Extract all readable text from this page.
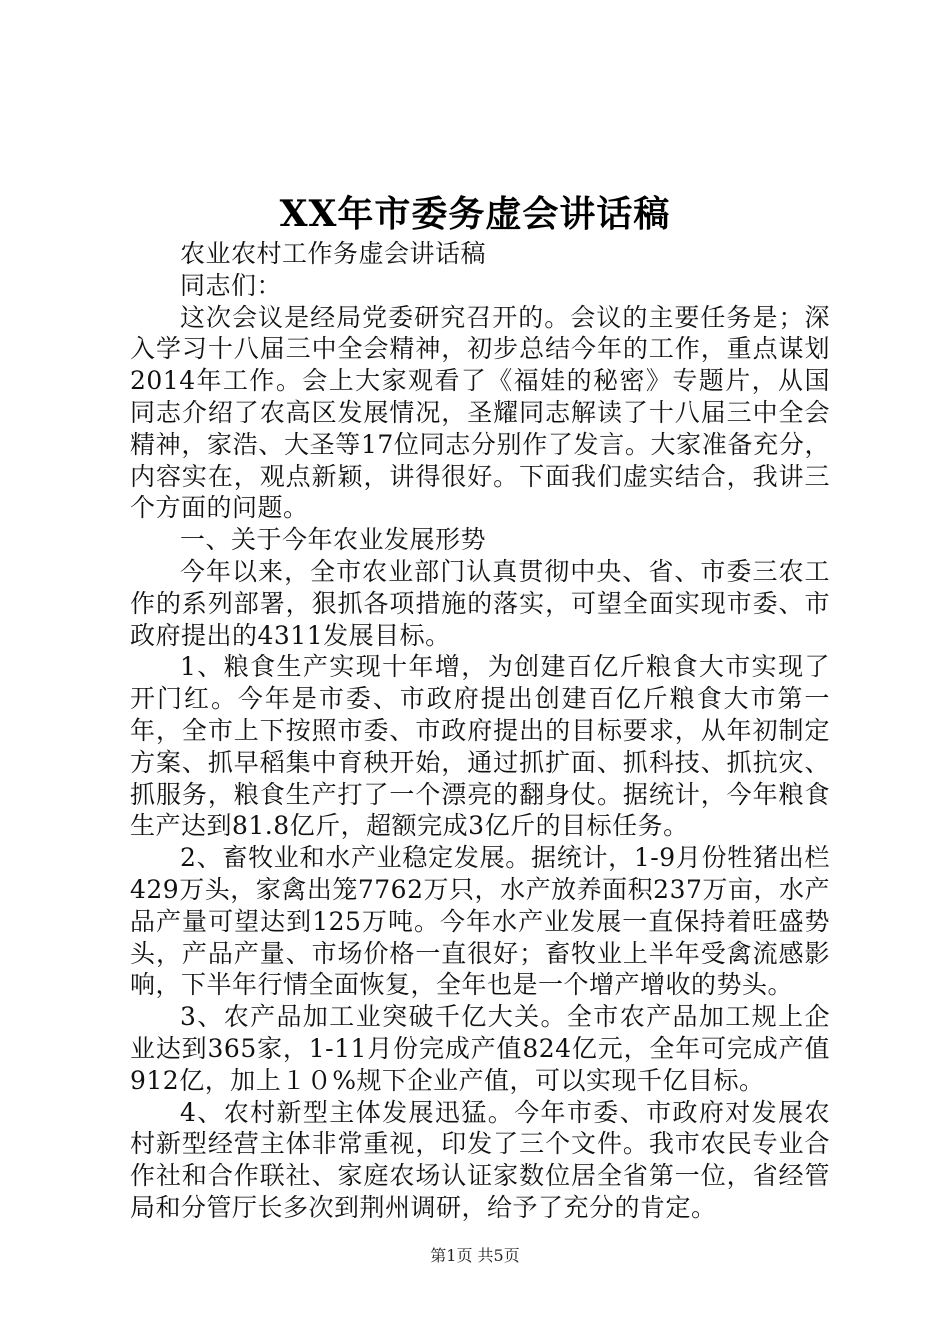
XX年市委务虚会讲话稿

农业农村工作务虚会讲话稿

同志们：

这次会议是经局党委研究召开的。会议的主要任务是；深入学习十八届三中全会精神，初步总结今年的工作，重点谋划2014年工作。会上大家观看了《福娃的秘密》专题片，从国同志介绍了农高区发展情况，圣耀同志解读了十八届三中全会精神，家浩、大圣等17位同志分别作了发言。大家准备充分，内容实在，观点新颖，讲得很好。下面我们虚实结合，我讲三个方面的问题。

一、关于今年农业发展形势

今年以来，全市农业部门认真贯彻中央、省、市委三农工作的系列部署，狠抓各项措施的落实，可望全面实现市委、市政府提出的4311发展目标。

1、粮食生产实现十年增，为创建百亿斤粮食大市实现了开门红。今年是市委、市政府提出创建百亿斤粮食大市第一年，全市上下按照市委、市政府提出的目标要求，从年初制定方案、抓早稻集中育秧开始，通过抓扩面、抓科技、抓抗灾、抓服务，粮食生产打了一个漂亮的翻身仗。据统计，今年粮食生产达到81.8亿斤，超额完成3亿斤的目标任务。

2、畜牧业和水产业稳定发展。据统计，1-9月份牲猪出栏429万头，家禽出笼7762万只，水产放养面积237万亩，水产品产量可望达到125万吨。今年水产业发展一直保持着旺盛势头，产品产量、市场价格一直很好；畜牧业上半年受禽流感影响，下半年行情全面恢复，全年也是一个增产增收的势头。

3、农产品加工业突破千亿大关。全市农产品加工规上企业达到365家，1-11月份完成产值824亿元，全年可完成产值912亿，加上１０%规下企业产值，可以实现千亿目标。

4、农村新型主体发展迅猛。今年市委、市政府对发展农村新型经营主体非常重视，印发了三个文件。我市农民专业合作社和合作联社、家庭农场认证家数位居全省第一位，省经管局和分管厅长多次到荆州调研，给予了充分的肯定。

第1页 共5页
